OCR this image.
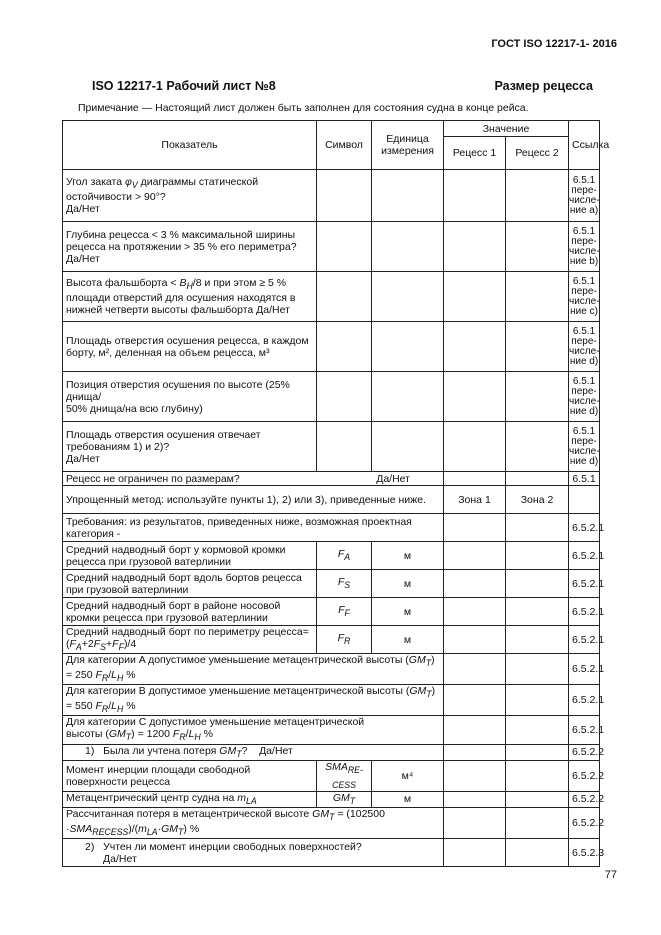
ГОСТ ISO 12217-1- 2016
ISO 12217-1 Рабочий лист №8	Размер рецесса
Примечание — Настоящий лист должен быть заполнен для состояния судна в конце рейса.
Показатель	Символ	Единица измерения	Значение		Ссылка
			Рецесс 1	Рецесс 2	
Угол заката $\varphi_V$ диаграммы статической остойчивости > 90°?
Да/Нет					6.5.1 пере-числе-ние а)
Глубина рецесса < 3 % максимальной ширины
рецесса на протяжении > 35 % его периметра? Да/Нет					6.5.1 пере-числе-ние b)
Высота фальшборта < $B_H/8$ и при этом ≥ 5 % площади отверстий для осушения находятся в нижней четверти высоты фальшборта Да/Нет					6.5.1 пере-числе-ние с)
Площадь отверстия осушения рецесса, в каждом борту, м², деленная на объем рецесса, м³					6.5.1 пере-числе-ние d)
Позиция отверстия осушения по высоте (25% днища/
50% днища/на всю глубину)					6.5.1 пере-числе-ние d)
Площадь отверстия осушения отвечает требованиям 1) и 2)?
Да/Нет					6.5.1 пере-числе-ние d)
Рецесс не ограничен по размерам? Да/Нет					6.5.1
Упрощенный метод: используйте пункты 1), 2) или 3), приведенные ниже.			Зона 1	Зона 2	
Требования: из результатов, приведенных ниже, возможная проектная категория -					6.5.2.1
Средний надводный борт у кормовой кромки рецесса при грузовой ватерлинии	$F_A$	м			6.5.2.1
Средний надводный борт вдоль бортов рецесса при грузовой ватерлинии	$F_S$	м			6.5.2.1
Средний надводный борт в районе носовой кромки рецесса при грузовой ватерлинии	$F_F$	м			6.5.2.1
Средний надводный борт по периметру рецесса= $(F_A+2F_S+F_F)/4$	$F_R$	м			6.5.2.1
Для категории A допустимое уменьшение метацентрической высоты $(GM_T) = 250$ $F_R/L_H$ %					6.5.2.1
Для категории B допустимое уменьшение метацентрической высоты $(GM_T) = 550$ $F_R/L_H$ %					6.5.2.1
Для категории C допустимое уменьшение метацентрической
высоты $(GM_T) = 1200$ $F_R/L_H$ %					6.5.2.1
1)   Была ли учтена потеря $GM_T$?    Да/Нет					6.5.2.2
Момент инерции площади свободной поверхности рецесса	$SMA_{RE- CESS}$	м⁴			6.5.2.2
Метацентрический центр судна на $m_{LA}$	$GM_T$	м			6.5.2.2
Рассчитанная потеря в метацентрической высоте $GM_T = (102500$
$\cdot SMA_{RECESS})/(m_{LA}\cdot GM_T)$ %					6.5.2.2
2)   Учтен ли момент инерции свободных поверхностей?
Да/Нет					6.5.2.3
77
